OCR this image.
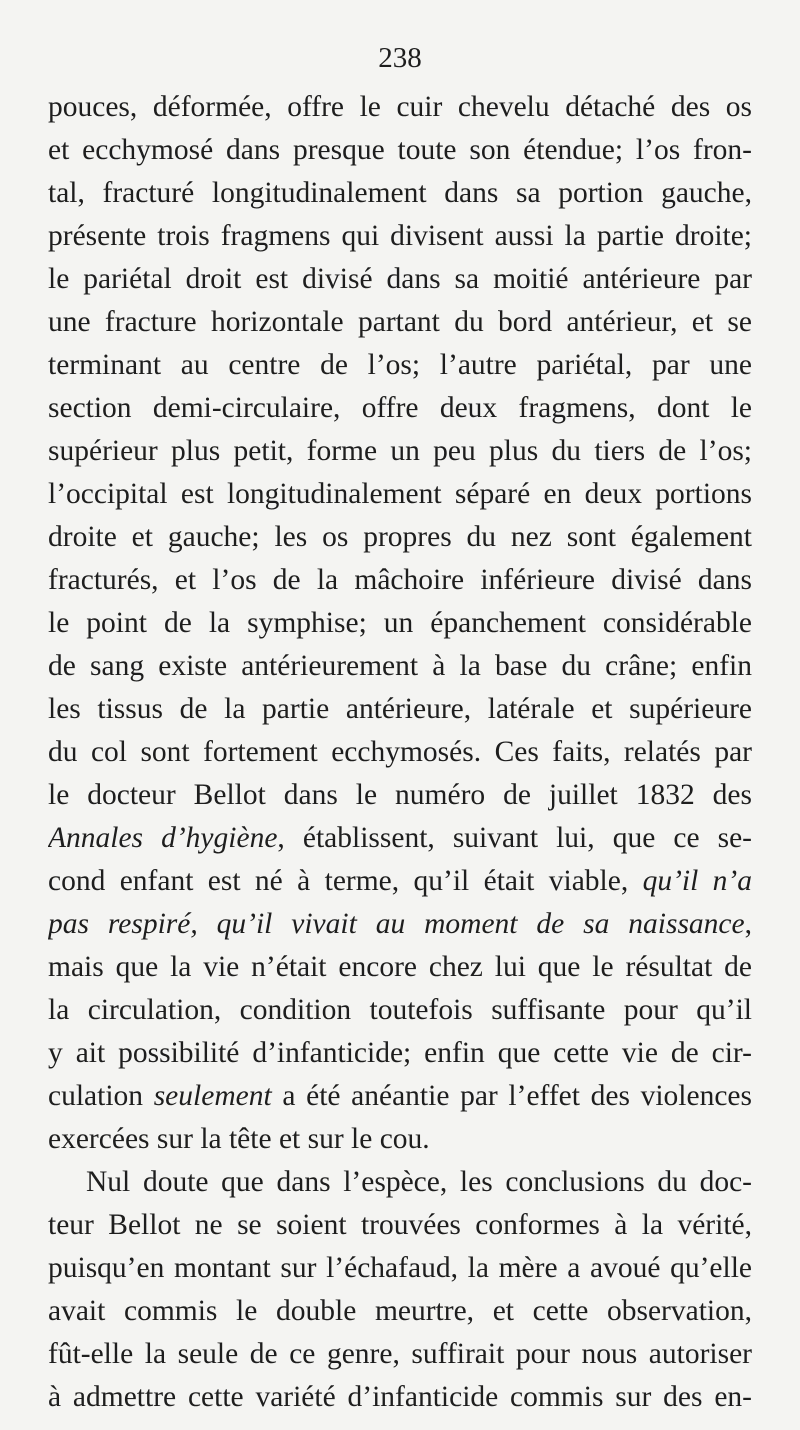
238
pouces, déformée, offre le cuir chevelu détaché des os
et ecchymosé dans presque toute son étendue; l’os fron-
tal, fracturé longitudinalement dans sa portion gauche,
présente trois fragmens qui divisent aussi la partie droite;
le pariétal droit est divisé dans sa moitié antérieure par
une fracture horizontale partant du bord antérieur, et se
terminant au centre de l’os; l’autre pariétal, par une
section demi-circulaire, offre deux fragmens, dont le
supérieur plus petit, forme un peu plus du tiers de l’os;
l’occipital est longitudinalement séparé en deux portions
droite et gauche; les os propres du nez sont également
fracturés, et l’os de la mâchoire inférieure divisé dans
le point de la symphise; un épanchement considérable
de sang existe antérieurement à la base du crâne; enfin
les tissus de la partie antérieure, latérale et supérieure
du col sont fortement ecchymosés. Ces faits, relatés par
le docteur Bellot dans le numéro de juillet 1832 des
Annales d’hygiène, établissent, suivant lui, que ce se-
cond enfant est né à terme, qu’il était viable, qu’il n’a
pas respiré, qu’il vivait au moment de sa naissance,
mais que la vie n’était encore chez lui que le résultat de
la circulation, condition toutefois suffisante pour qu’il
y ait possibilité d’infanticide; enfin que cette vie de cir-
culation seulement a été anéantie par l’effet des violences
exercées sur la tête et sur le cou.
Nul doute que dans l’espèce, les conclusions du doc-
teur Bellot ne se soient trouvées conformes à la vérité,
puisqu’en montant sur l’échafaud, la mère a avoué qu’elle
avait commis le double meurtre, et cette observation,
fût-elle la seule de ce genre, suffirait pour nous autoriser
à admettre cette variété d’infanticide commis sur des en-
